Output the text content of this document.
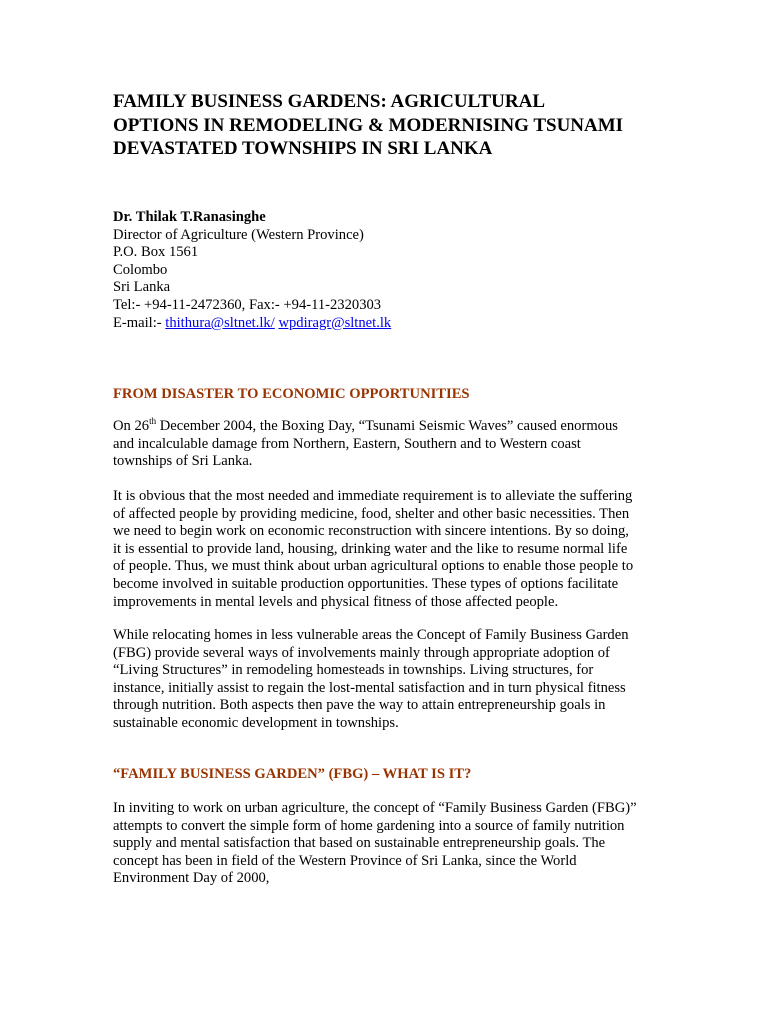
FAMILY BUSINESS GARDENS: AGRICULTURAL
OPTIONS IN REMODELING & MODERNISING TSUNAMI
DEVASTATED TOWNSHIPS IN SRI LANKA
Dr. Thilak T.Ranasinghe
Director of Agriculture (Western Province)
P.O. Box 1561
Colombo
Sri Lanka
Tel:- +94-11-2472360, Fax:- +94-11-2320303
E-mail:- thithura@sltnet.lk/ wpdiragr@sltnet.lk
FROM DISASTER TO ECONOMIC OPPORTUNITIES

On 26th December 2004, the Boxing Day, “Tsunami Seismic Waves” caused enormous
and incalculable damage from Northern, Eastern, Southern and to Western coast
townships of Sri Lanka.

It is obvious that the most needed and immediate requirement is to alleviate the suffering
of affected people by providing medicine, food, shelter and other basic necessities. Then
we need to begin work on economic reconstruction with sincere intentions. By so doing,
it is essential to provide land, housing, drinking water and the like to resume normal life
of people. Thus, we must think about urban agricultural options to enable those people to
become involved in suitable production opportunities. These types of options facilitate
improvements in mental levels and physical fitness of those affected people.

While relocating homes in less vulnerable areas the Concept of Family Business Garden
(FBG) provide several ways of involvements mainly through appropriate adoption of
“Living Structures” in remodeling homesteads in townships. Living structures, for
instance, initially assist to regain the lost-mental satisfaction and in turn physical fitness
through nutrition. Both aspects then pave the way to attain entrepreneurship goals in
sustainable economic development in townships.

“FAMILY BUSINESS GARDEN” (FBG) – WHAT IS IT?

In inviting to work on urban agriculture, the concept of “Family Business Garden (FBG)”
attempts to convert the simple form of home gardening into a source of family nutrition
supply and mental satisfaction that based on sustainable entrepreneurship goals. The
concept has been in field of the Western Province of Sri Lanka, since the World
Environment Day of 2000,
